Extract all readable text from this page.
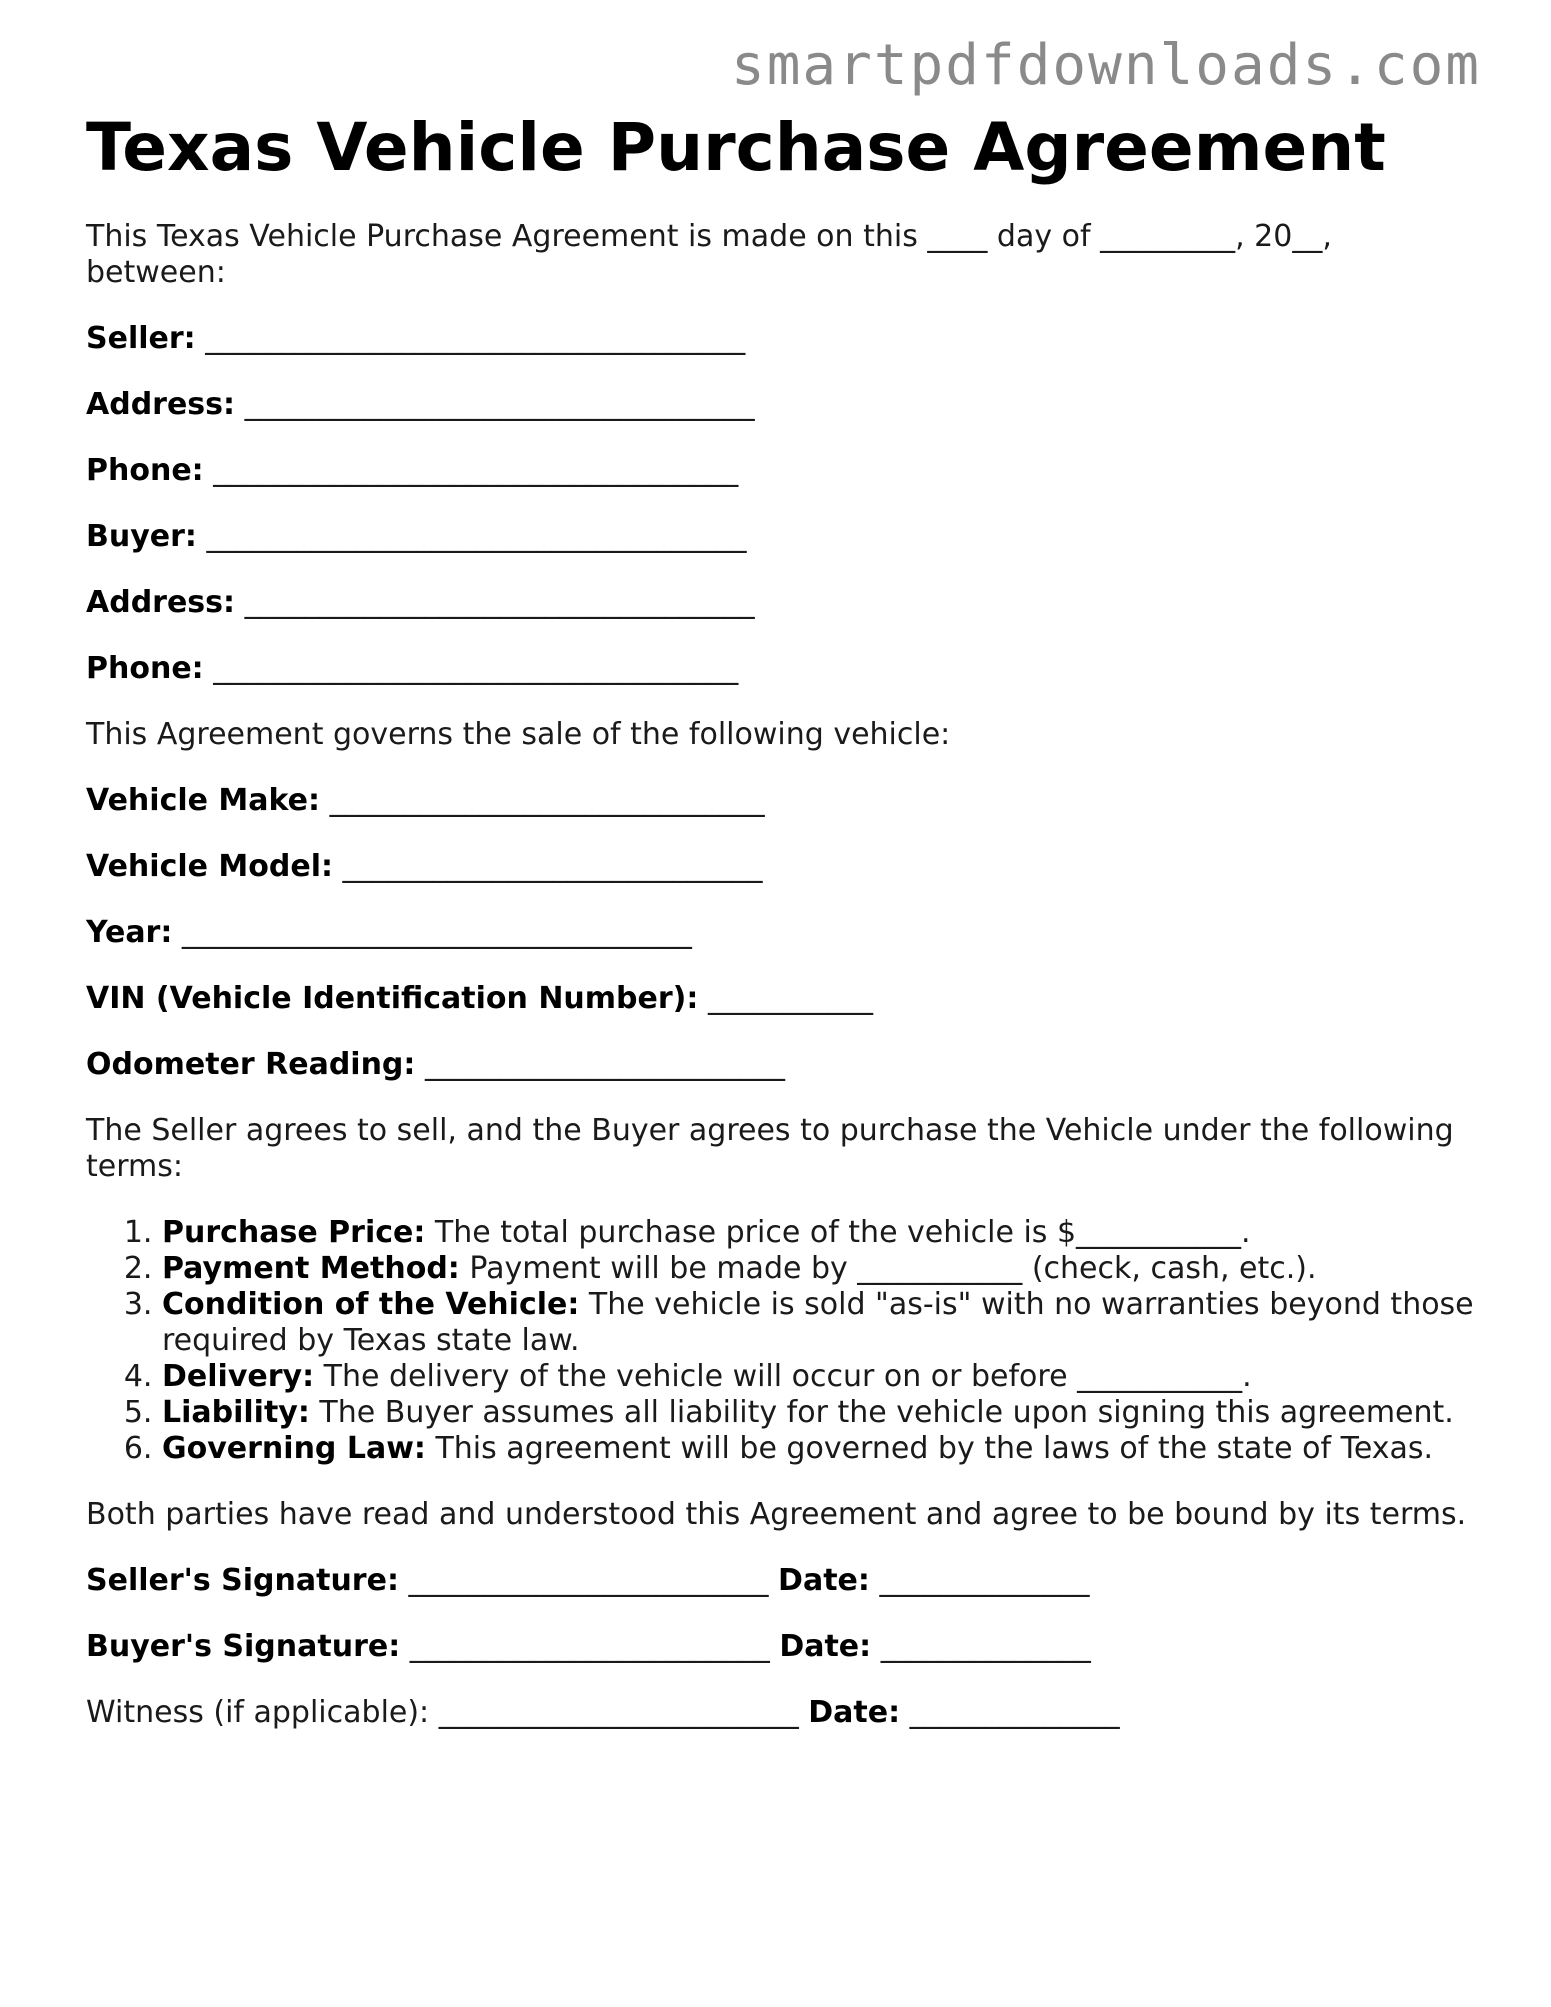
smartpdfdownloads.com

Texas Vehicle Purchase Agreement

This Texas Vehicle Purchase Agreement is made on this ____ day of _________, 20__, between:

Seller: ____________________________________

Address: __________________________________

Phone: ___________________________________

Buyer: ____________________________________

Address: __________________________________

Phone: ___________________________________

This Agreement governs the sale of the following vehicle:

Vehicle Make: _____________________________

Vehicle Model: ____________________________

Year: __________________________________

VIN (Vehicle Identification Number): ___________

Odometer Reading: ________________________

The Seller agrees to sell, and the Buyer agrees to purchase the Vehicle under the following terms:

1. Purchase Price: The total purchase price of the vehicle is $___________.
2. Payment Method: Payment will be made by ___________ (check, cash, etc.).
3. Condition of the Vehicle: The vehicle is sold "as-is" with no warranties beyond those required by Texas state law.
4. Delivery: The delivery of the vehicle will occur on or before ___________.
5. Liability: The Buyer assumes all liability for the vehicle upon signing this agreement.
6. Governing Law: This agreement will be governed by the laws of the state of Texas.

Both parties have read and understood this Agreement and agree to be bound by its terms.

Seller's Signature: ________________________ Date: ______________

Buyer's Signature: ________________________ Date: ______________

Witness (if applicable): ________________________ Date: ______________
